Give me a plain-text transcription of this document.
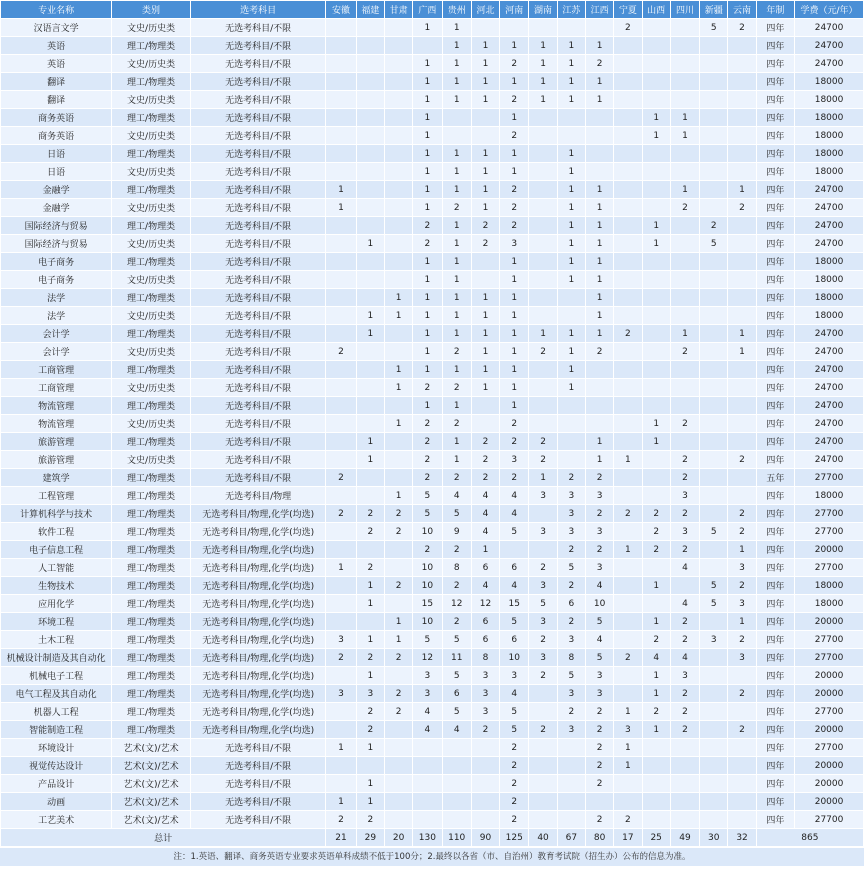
专业名称	类别	选考科目	安徽	福建	甘肃	广西	贵州	河北	河南	湖南	江苏	江西	宁夏	山西	四川	新疆	云南	年制	学费（元/年）
汉语言文学	文史/历史类	无选考科目/不限				1	1						2			5	2	四年	24700
英语	理工/物理类	无选考科目/不限					1	1	1	1	1	1						四年	24700
英语	文史/历史类	无选考科目/不限				1	1	1	2	1	1	2						四年	24700
翻译	理工/物理类	无选考科目/不限				1	1	1	1	1	1	1						四年	18000
翻译	文史/历史类	无选考科目/不限				1	1	1	2	1	1	1						四年	18000
商务英语	理工/物理类	无选考科目/不限				1			1					1	1			四年	18000
商务英语	文史/历史类	无选考科目/不限				1			2					1	1			四年	18000
日语	理工/物理类	无选考科目/不限				1	1	1	1		1							四年	18000
日语	文史/历史类	无选考科目/不限				1	1	1	1		1							四年	18000
金融学	理工/物理类	无选考科目/不限	1			1	1	1	2		1	1			1		1	四年	24700
金融学	文史/历史类	无选考科目/不限	1			1	2	1	2		1	1			2		2	四年	24700
国际经济与贸易	理工/物理类	无选考科目/不限				2	1	2	2		1	1		1		2		四年	24700
国际经济与贸易	文史/历史类	无选考科目/不限		1		2	1	2	3		1	1		1		5		四年	24700
电子商务	理工/物理类	无选考科目/不限				1	1		1		1	1						四年	18000
电子商务	文史/历史类	无选考科目/不限				1	1		1		1	1						四年	18000
法学	理工/物理类	无选考科目/不限			1	1	1	1	1			1						四年	18000
法学	文史/历史类	无选考科目/不限		1	1	1	1	1	1			1						四年	18000
会计学	理工/物理类	无选考科目/不限		1		1	1	1	1	1	1	1	2		1		1	四年	24700
会计学	文史/历史类	无选考科目/不限	2			1	2	1	1	2	1	2			2		1	四年	24700
工商管理	理工/物理类	无选考科目/不限			1	1	1	1	1		1							四年	24700
工商管理	文史/历史类	无选考科目/不限			1	2	2	1	1		1							四年	24700
物流管理	理工/物理类	无选考科目/不限				1	1		1									四年	24700
物流管理	文史/历史类	无选考科目/不限			1	2	2		2					1	2			四年	24700
旅游管理	理工/物理类	无选考科目/不限		1		2	1	2	2	2		1		1				四年	24700
旅游管理	文史/历史类	无选考科目/不限		1		2	1	2	3	2		1	1		2		2	四年	24700
建筑学	理工/物理类	无选考科目/不限	2			2	2	2	2	1	2	2			2			五年	27700
工程管理	理工/物理类	无选考科目/物理			1	5	4	4	4	3	3	3			3			四年	18000
计算机科学与技术	理工/物理类	无选考科目/物理,化学(均选)	2	2	2	5	5	4	4		3	2	2	2	2		2	四年	27700
软件工程	理工/物理类	无选考科目/物理,化学(均选)		2	2	10	9	4	5	3	3	3		2	3	5	2	四年	27700
电子信息工程	理工/物理类	无选考科目/物理,化学(均选)				2	2	1			2	2	1	2	2		1	四年	20000
人工智能	理工/物理类	无选考科目/物理,化学(均选)	1	2		10	8	6	6	2	5	3			4		3	四年	27700
生物技术	理工/物理类	无选考科目/物理,化学(均选)		1	2	10	2	4	4	3	2	4		1		5	2	四年	18000
应用化学	理工/物理类	无选考科目/物理,化学(均选)		1		15	12	12	15	5	6	10			4	5	3	四年	18000
环境工程	理工/物理类	无选考科目/物理,化学(均选)			1	10	2	6	5	3	2	5		1	2		1	四年	20000
土木工程	理工/物理类	无选考科目/物理,化学(均选)	3	1	1	5	5	6	6	2	3	4		2	2	3	2	四年	27700
机械设计制造及其自动化	理工/物理类	无选考科目/物理,化学(均选)	2	2	2	12	11	8	10	3	8	5	2	4	4		3	四年	27700
机械电子工程	理工/物理类	无选考科目/物理,化学(均选)		1		3	5	3	3	2	5	3		1	3			四年	20000
电气工程及其自动化	理工/物理类	无选考科目/物理,化学(均选)	3	3	2	3	6	3	4		3	3		1	2		2	四年	20000
机器人工程	理工/物理类	无选考科目/物理,化学(均选)		2	2	4	5	3	5		2	2	1	2	2			四年	27700
智能制造工程	理工/物理类	无选考科目/物理,化学(均选)		2		4	4	2	5	2	3	2	3	1	2		2	四年	20000
环境设计	艺术(文)/艺术	无选考科目/不限	1	1					2			2	1					四年	27700
视觉传达设计	艺术(文)/艺术	无选考科目/不限							2			2	1					四年	20000
产品设计	艺术(文)/艺术	无选考科目/不限		1					2			2						四年	20000
动画	艺术(文)/艺术	无选考科目/不限	1	1					2									四年	20000
工艺美术	艺术(文)/艺术	无选考科目/不限	2	2					2			2	2					四年	27700
总计			21	29	20	130	110	90	125	40	67	80	17	25	49	30	32	865	
注：1.英语、翻译、商务英语专业要求英语单科成绩不低于100分；2.最终以各省（市、自治州）教育考试院（招生办）公布的信息为准。
